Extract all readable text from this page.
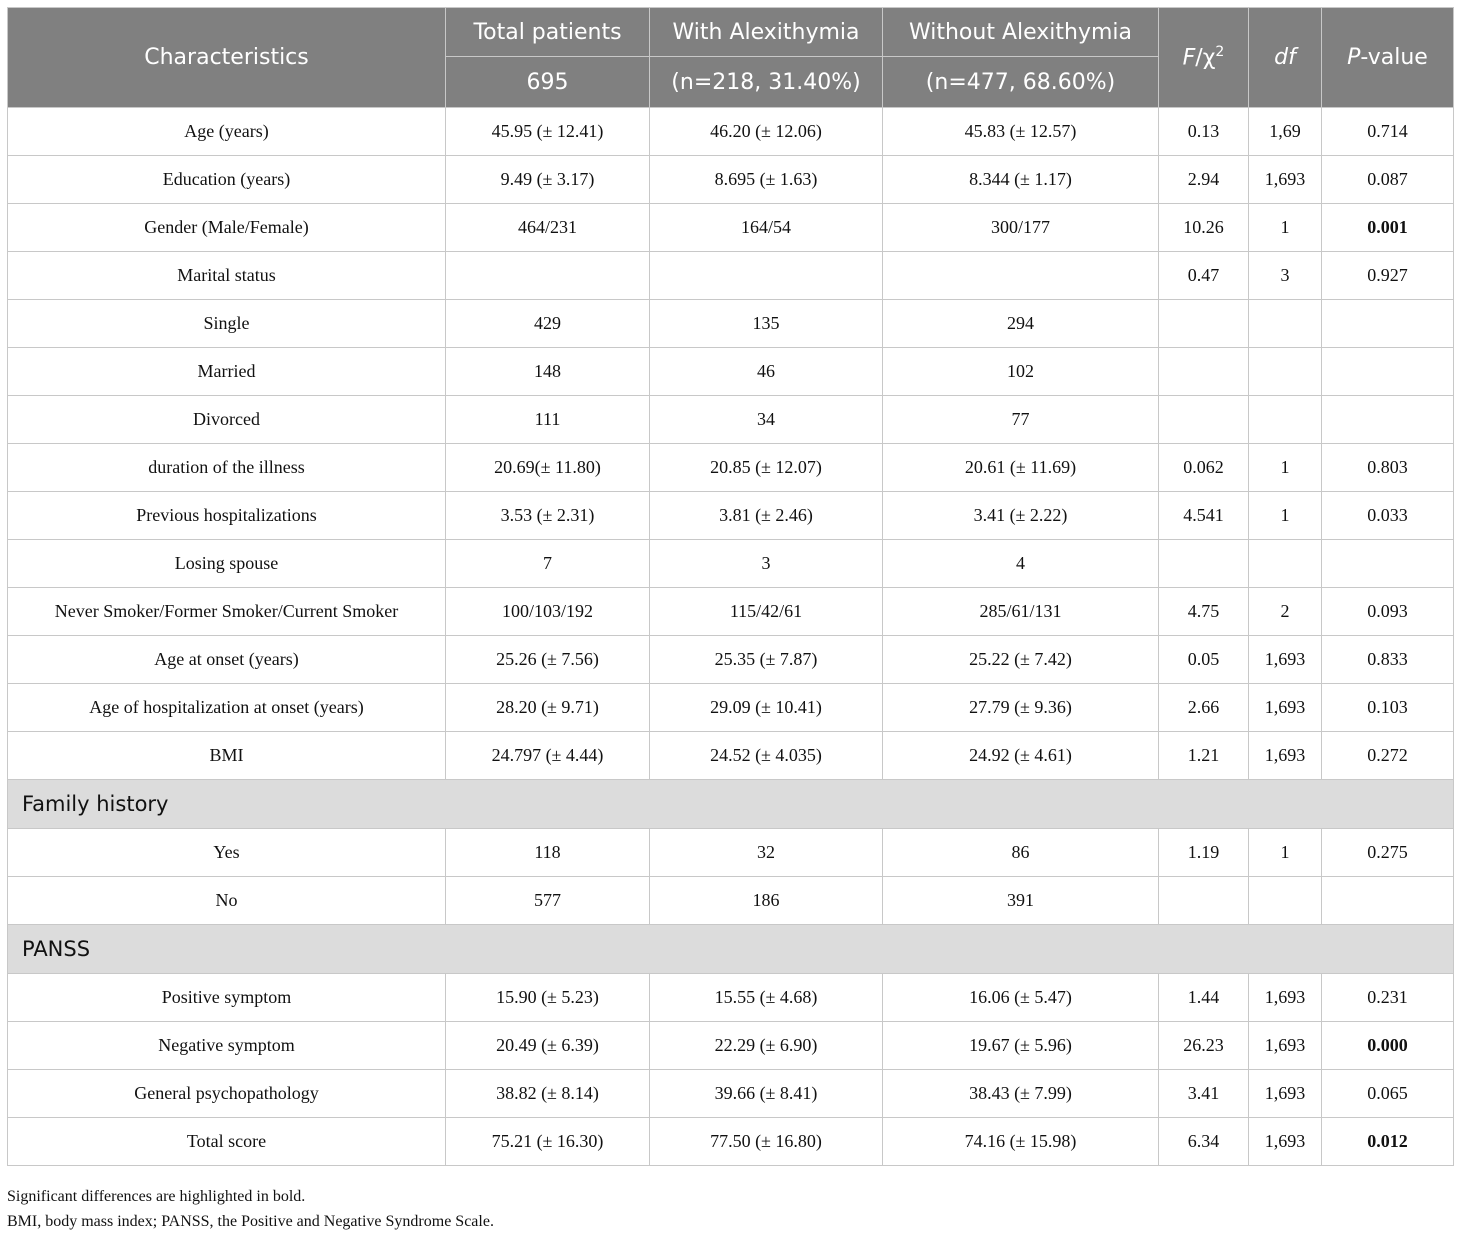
Characteristics	Total patients	With Alexithymia	Without Alexithymia	$F/\chi^2$	df	P-value
	695	(n=218, 31.40%)	(n=477, 68.60%)			
Age (years)	45.95 (± 12.41)	46.20 (± 12.06)	45.83 (± 12.57)	0.13	1,69	0.714
Education (years)	9.49 (± 3.17)	8.695 (± 1.63)	8.344 (± 1.17)	2.94	1,693	0.087
Gender (Male/Female)	464/231	164/54	300/177	10.26	1	0.001
Marital status				0.47	3	0.927
Single	429	135	294			
Married	148	46	102			
Divorced	111	34	77			
duration of the illness	20.69(± 11.80)	20.85 (± 12.07)	20.61 (± 11.69)	0.062	1	0.803
Previous hospitalizations	3.53 (± 2.31)	3.81 (± 2.46)	3.41 (± 2.22)	4.541	1	0.033
Losing spouse	7	3	4			
Never Smoker/Former Smoker/Current Smoker	100/103/192	115/42/61	285/61/131	4.75	2	0.093
Age at onset (years)	25.26 (± 7.56)	25.35 (± 7.87)	25.22 (± 7.42)	0.05	1,693	0.833
Age of hospitalization at onset (years)	28.20 (± 9.71)	29.09 (± 10.41)	27.79 (± 9.36)	2.66	1,693	0.103
BMI	24.797 (± 4.44)	24.52 (± 4.035)	24.92 (± 4.61)	1.21	1,693	0.272
Family history						
Yes	118	32	86	1.19	1	0.275
No	577	186	391			
PANSS						
Positive symptom	15.90 (± 5.23)	15.55 (± 4.68)	16.06 (± 5.47)	1.44	1,693	0.231
Negative symptom	20.49 (± 6.39)	22.29 (± 6.90)	19.67 (± 5.96)	26.23	1,693	0.000
General psychopathology	38.82 (± 8.14)	39.66 (± 8.41)	38.43 (± 7.99)	3.41	1,693	0.065
Total score	75.21 (± 16.30)	77.50 (± 16.80)	74.16 (± 15.98)	6.34	1,693	0.012
Significant differences are highlighted in bold.
BMI, body mass index; PANSS, the Positive and Negative Syndrome Scale.
